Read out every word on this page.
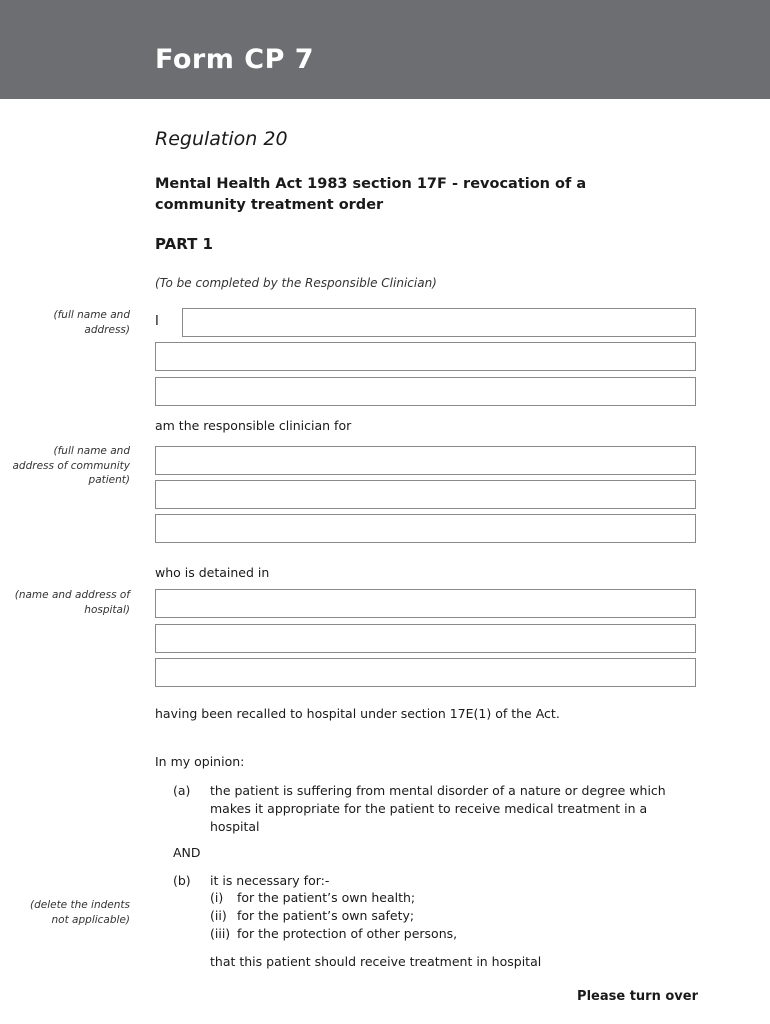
Form CP 7
Regulation 20
Mental Health Act 1983 section 17F - revocation of a community treatment order
PART 1
(To be completed by the Responsible Clinician)
(full name and address)
I
am the responsible clinician for
(full name and address of community patient)
who is detained in
(name and address of hospital)
having been recalled to hospital under section 17E(1) of the Act.
In my opinion:
(a) the patient is suffering from mental disorder of a nature or degree which makes it appropriate for the patient to receive medical treatment in a hospital
AND
(delete the indents not applicable)
(b) it is necessary for:-
(i) for the patient’s own health;
(ii) for the patient’s own safety;
(iii) for the protection of other persons,
that this patient should receive treatment in hospital
Please turn over
